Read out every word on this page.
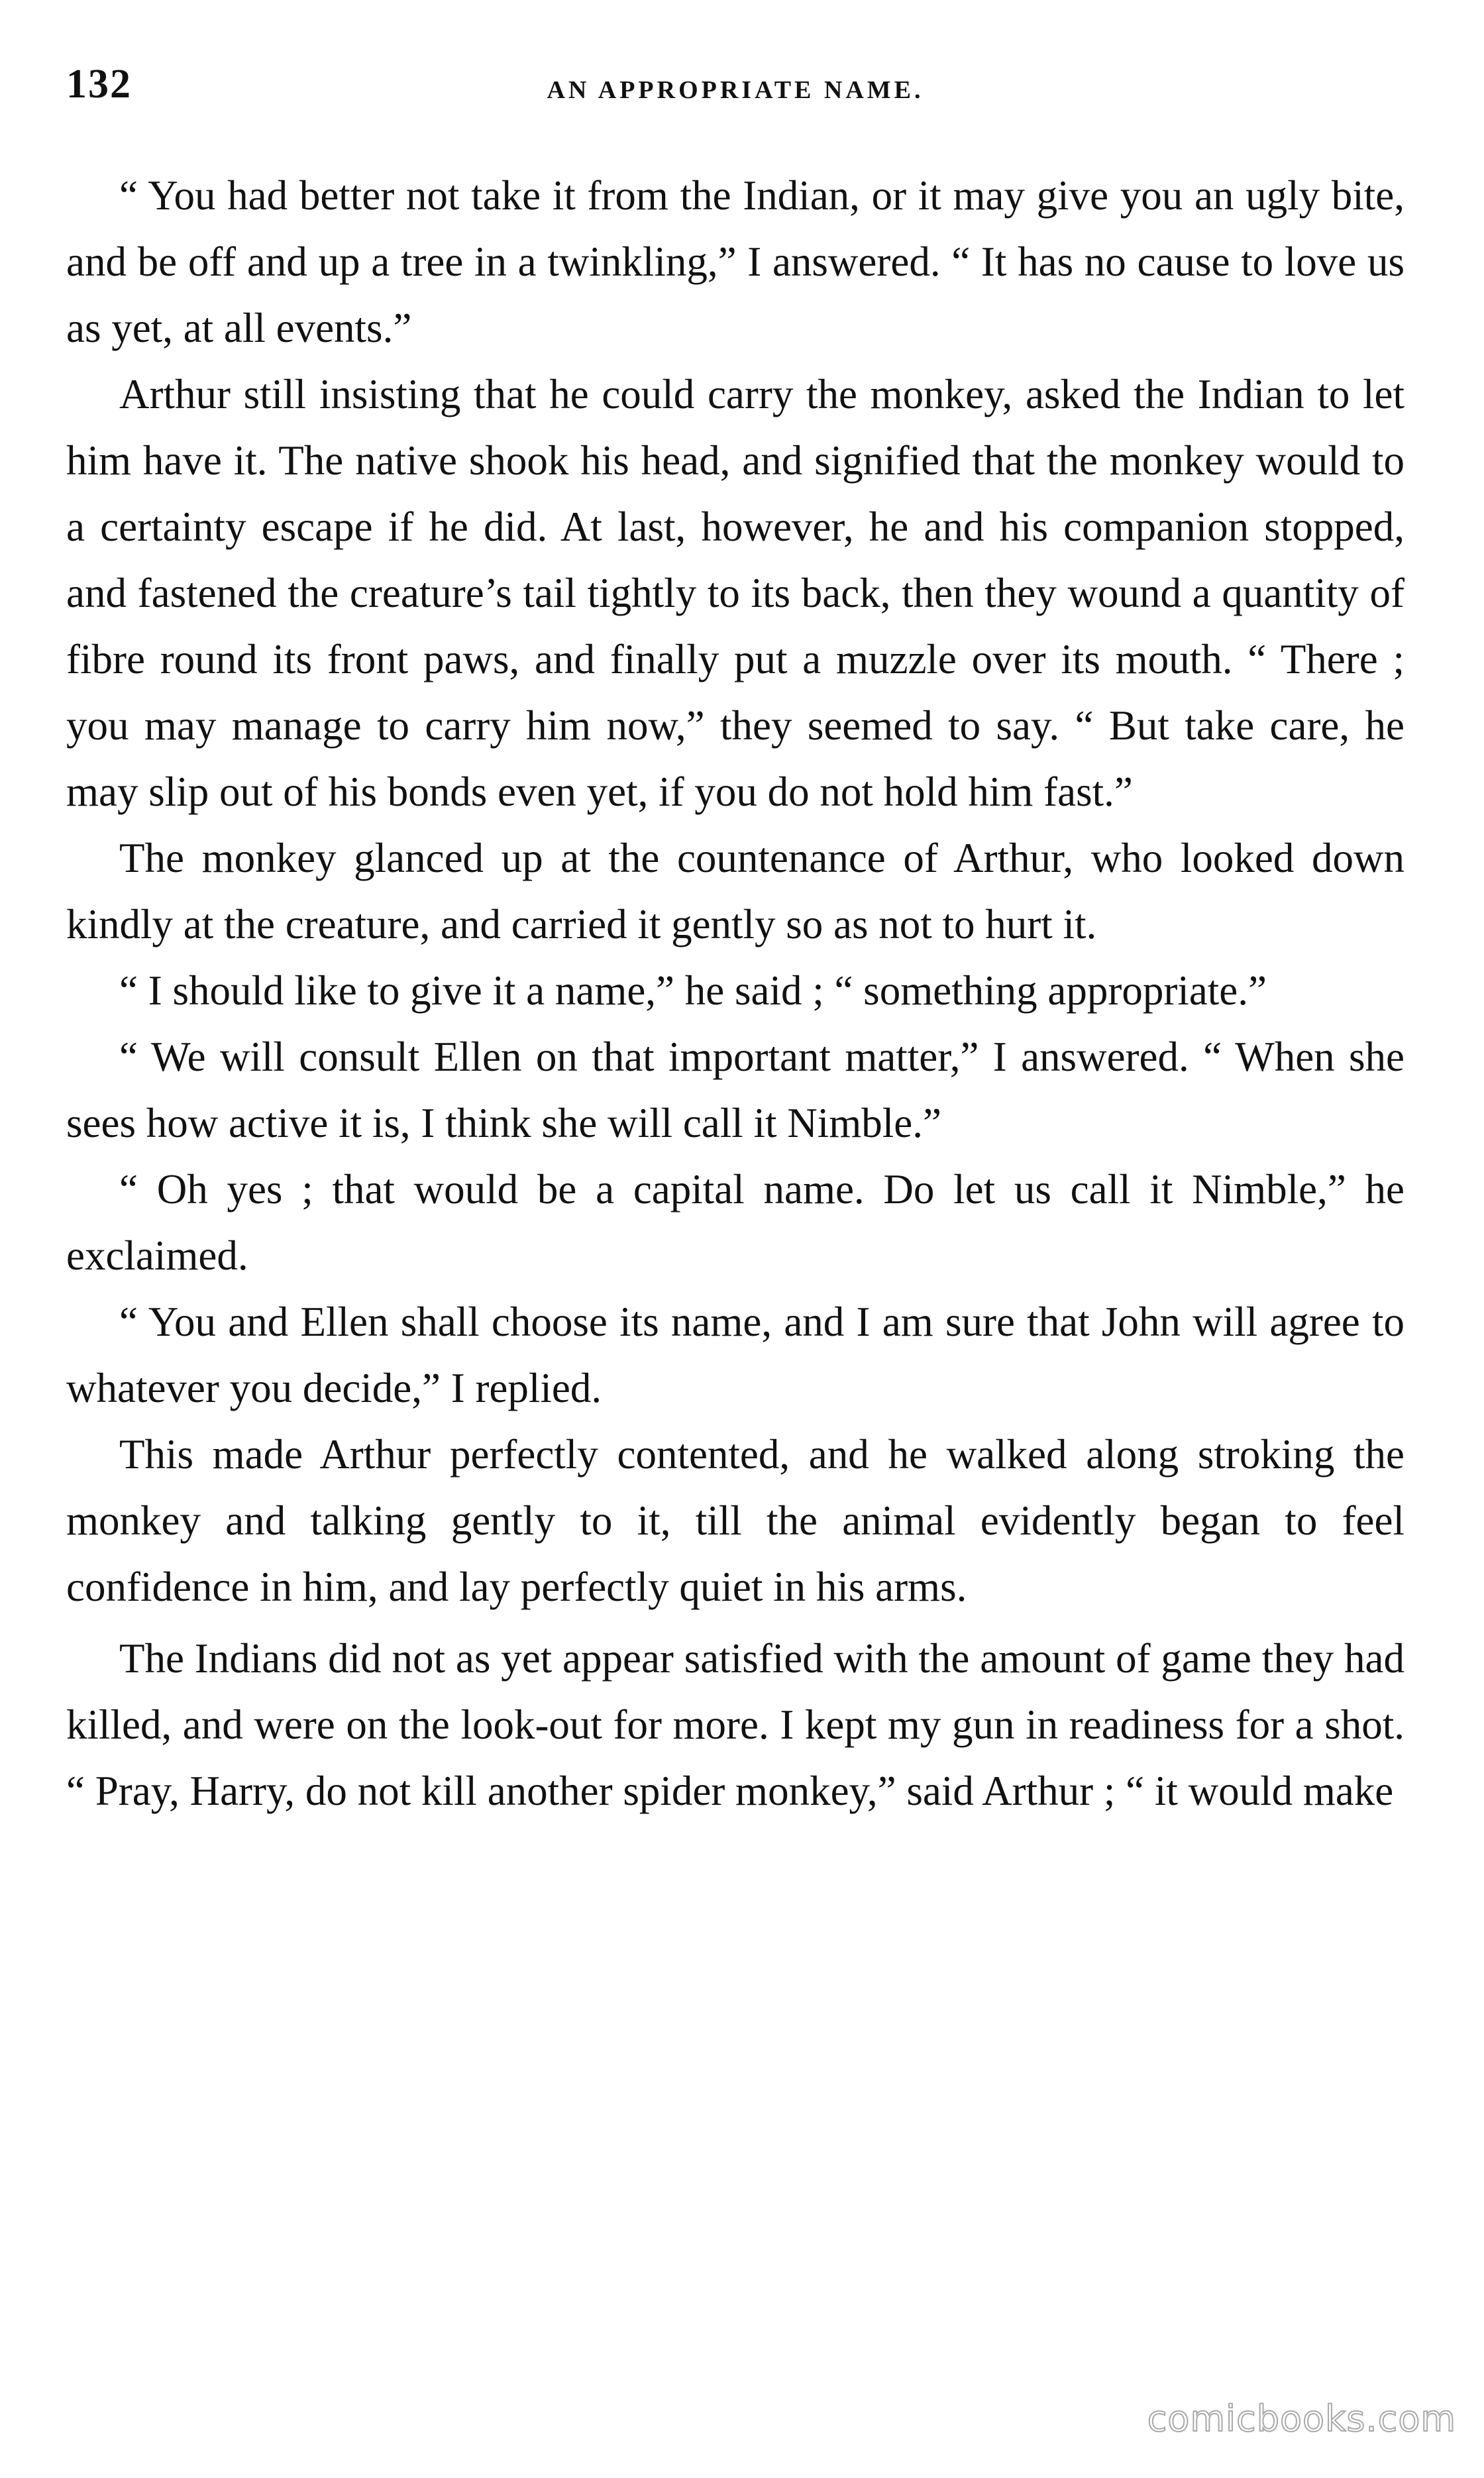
132	AN APPROPRIATE NAME.

“ You had better not take it from the Indian, or it may give you an ugly bite, and be off and up a tree in a twinkling,” I answered. “ It has no cause to love us as yet, at all events.”

Arthur still insisting that he could carry the monkey, asked the Indian to let him have it. The native shook his head, and signified that the monkey would to a certainty escape if he did. At last, however, he and his companion stopped, and fastened the creature’s tail tightly to its back, then they wound a quantity of fibre round its front paws, and finally put a muzzle over its mouth. “ There ; you may manage to carry him now,” they seemed to say. “ But take care, he may slip out of his bonds even yet, if you do not hold him fast.”

The monkey glanced up at the countenance of Arthur, who looked down kindly at the creature, and carried it gently so as not to hurt it.

“ I should like to give it a name,” he said ; “ something appropriate.”

“ We will consult Ellen on that important matter,” I answered. “ When she sees how active it is, I think she will call it Nimble.”

“ Oh yes ; that would be a capital name. Do let us call it Nimble,” he exclaimed.

“ You and Ellen shall choose its name, and I am sure that John will agree to whatever you decide,” I replied.

This made Arthur perfectly contented, and he walked along stroking the monkey and talking gently to it, till the animal evidently began to feel confidence in him, and lay perfectly quiet in his arms.

The Indians did not as yet appear satisfied with the amount of game they had killed, and were on the look-out for more. I kept my gun in readiness for a shot. “ Pray, Harry, do not kill another spider monkey,” said Arthur ; “ it would make

comicbooks.com
